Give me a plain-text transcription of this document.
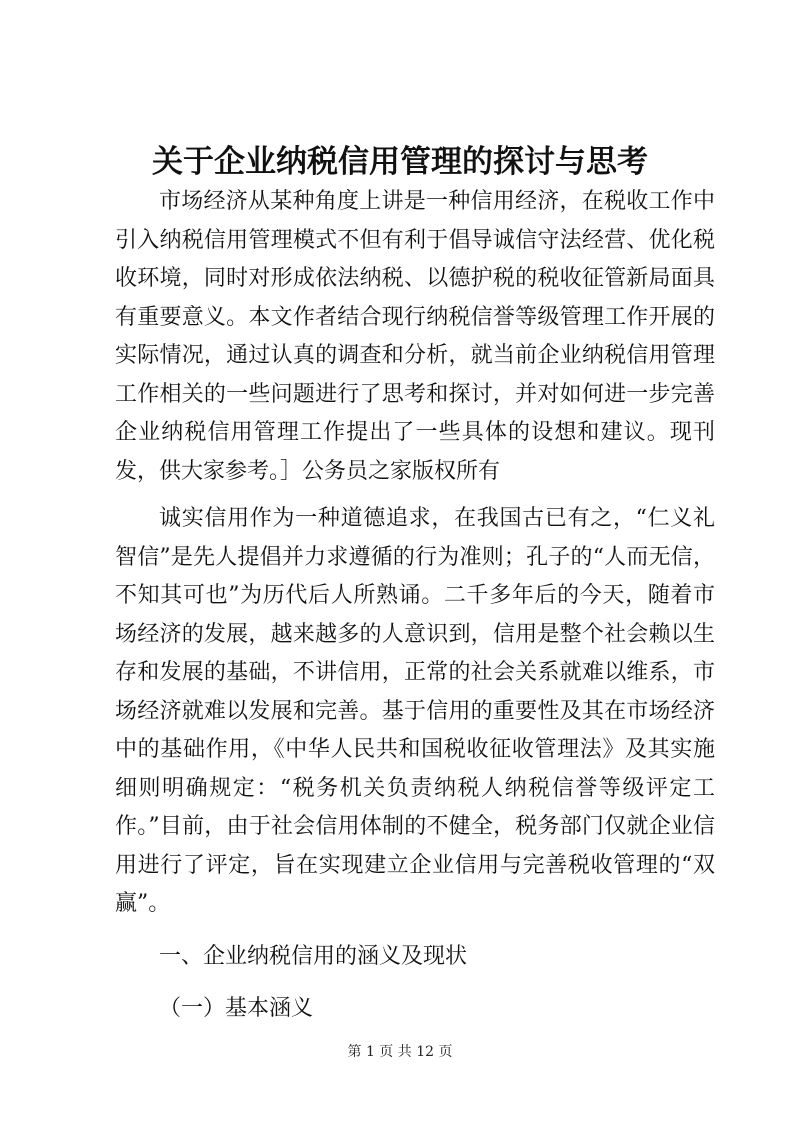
关于企业纳税信用管理的探讨与思考

市场经济从某种角度上讲是一种信用经济，在税收工作中引入纳税信用管理模式不但有利于倡导诚信守法经营、优化税收环境，同时对形成依法纳税、以德护税的税收征管新局面具有重要意义。本文作者结合现行纳税信誉等级管理工作开展的实际情况，通过认真的调查和分析，就当前企业纳税信用管理工作相关的一些问题进行了思考和探讨，并对如何进一步完善企业纳税信用管理工作提出了一些具体的设想和建议。现刊发，供大家参考。］公务员之家版权所有

诚实信用作为一种道德追求，在我国古已有之，“仁义礼智信”是先人提倡并力求遵循的行为准则；孔子的“人而无信，不知其可也”为历代后人所熟诵。二千多年后的今天，随着市场经济的发展，越来越多的人意识到，信用是整个社会赖以生存和发展的基础，不讲信用，正常的社会关系就难以维系，市场经济就难以发展和完善。基于信用的重要性及其在市场经济中的基础作用，《中华人民共和国税收征收管理法》及其实施细则明确规定：“税务机关负责纳税人纳税信誉等级评定工作。”目前，由于社会信用体制的不健全，税务部门仅就企业信用进行了评定，旨在实现建立企业信用与完善税收管理的“双赢”。

一、企业纳税信用的涵义及现状

（一）基本涵义

第 1 页 共 12 页
